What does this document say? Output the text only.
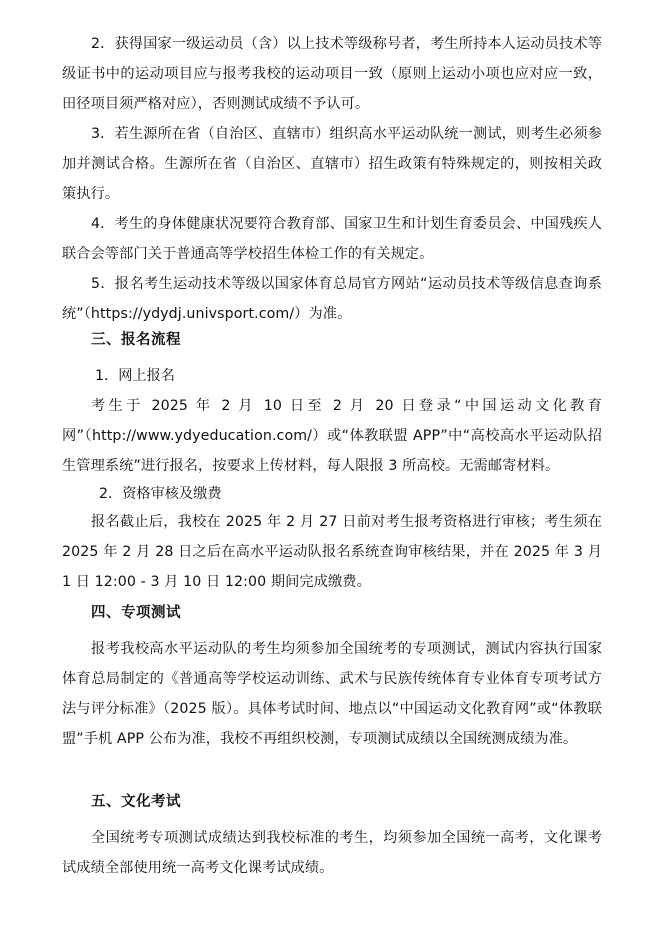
2．获得国家一级运动员（含）以上技术等级称号者，考生所持本人运动员技术等级证书中的运动项目应与报考我校的运动项目一致（原则上运动小项也应对应一致，田径项目须严格对应），否则测试成绩不予认可。

3．若生源所在省（自治区、直辖市）组织高水平运动队统一测试，则考生必须参加并测试合格。生源所在省（自治区、直辖市）招生政策有特殊规定的，则按相关政策执行。

4．考生的身体健康状况要符合教育部、国家卫生和计划生育委员会、中国残疾人联合会等部门关于普通高等学校招生体检工作的有关规定。

5．报名考生运动技术等级以国家体育总局官方网站“运动员技术等级信息查询系统”（https://ydydj.univsport.com/）为准。

三、报名流程

1．网上报名

考生于 2025 年 2 月 10 日至 2 月 20 日登录“中国运动文化教育网”（http://www.ydyeducation.com/）或“体教联盟 APP”中“高校高水平运动队招生管理系统”进行报名，按要求上传材料，每人限报 3 所高校。无需邮寄材料。

2．资格审核及缴费

报名截止后，我校在 2025 年 2 月 27 日前对考生报考资格进行审核；考生须在 2025 年 2 月 28 日之后在高水平运动队报名系统查询审核结果，并在 2025 年 3 月 1 日 12:00 - 3 月 10 日 12:00 期间完成缴费。

四、专项测试

报考我校高水平运动队的考生均须参加全国统考的专项测试，测试内容执行国家体育总局制定的《普通高等学校运动训练、武术与民族传统体育专业体育专项考试方法与评分标准》（2025 版）。具体考试时间、地点以“中国运动文化教育网”或“体教联盟”手机 APP 公布为准，我校不再组织校测，专项测试成绩以全国统测成绩为准。

五、文化考试

全国统考专项测试成绩达到我校标准的考生，均须参加全国统一高考，文化课考试成绩全部使用统一高考文化课考试成绩。
